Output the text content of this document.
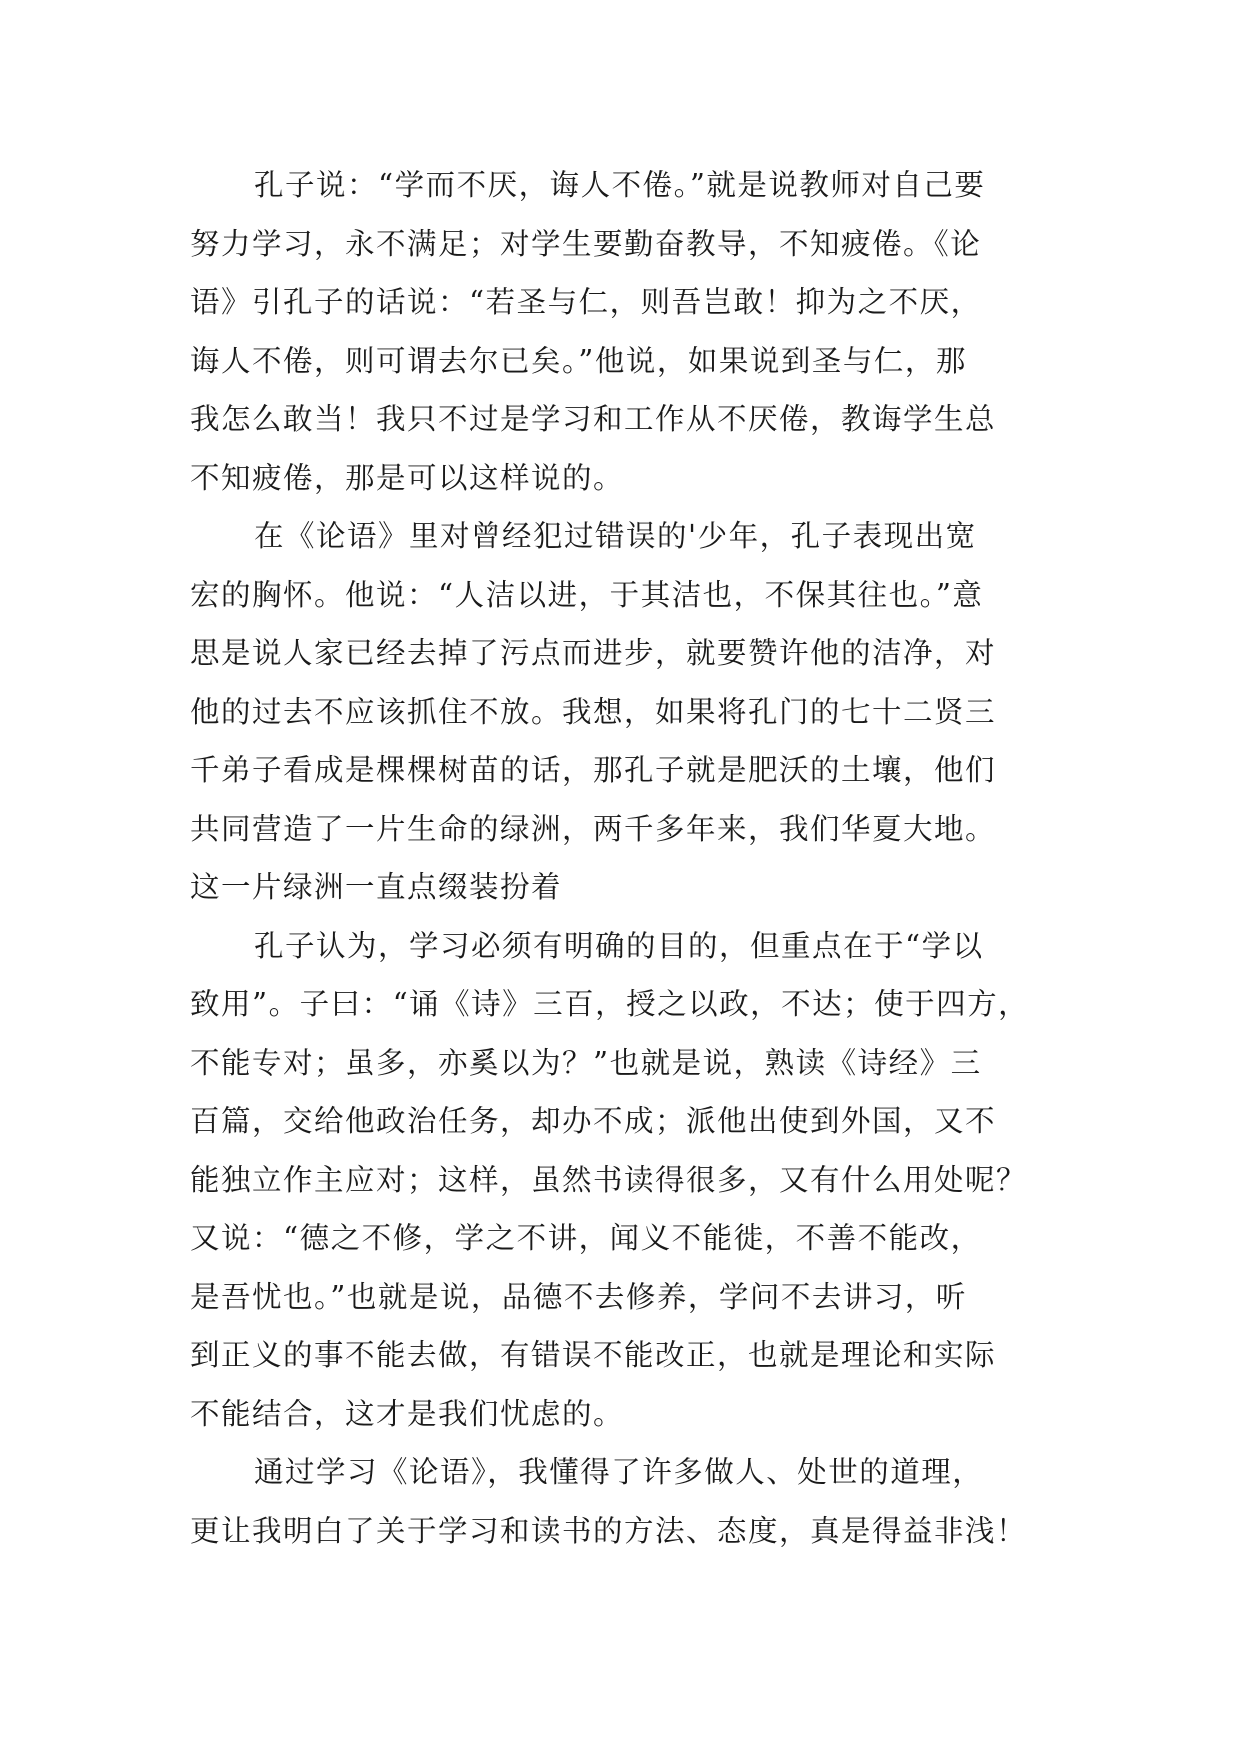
孔子说：“学而不厌，诲人不倦。”就是说教师对自己要
努力学习，永不满足；对学生要勤奋教导，不知疲倦。《论
语》引孔子的话说：“若圣与仁，则吾岂敢！抑为之不厌，
诲人不倦，则可谓去尔已矣。”他说，如果说到圣与仁，那
我怎么敢当！我只不过是学习和工作从不厌倦，教诲学生总
不知疲倦，那是可以这样说的。

在《论语》里对曾经犯过错误的'少年，孔子表现出宽
宏的胸怀。他说：“人洁以进，于其洁也，不保其往也。”意
思是说人家已经去掉了污点而进步，就要赞许他的洁净，对
他的过去不应该抓住不放。我想，如果将孔门的七十二贤三
千弟子看成是棵棵树苗的话，那孔子就是肥沃的土壤，他们
共同营造了一片生命的绿洲，两千多年来，我们华夏大地。
这一片绿洲一直点缀装扮着

孔子认为，学习必须有明确的目的，但重点在于“学以
致用”。子曰：“诵《诗》三百，授之以政，不达；使于四方，
不能专对；虽多，亦奚以为？”也就是说，熟读《诗经》三
百篇，交给他政治任务，却办不成；派他出使到外国，又不
能独立作主应对；这样，虽然书读得很多，又有什么用处呢？
又说：“德之不修，学之不讲，闻义不能徙，不善不能改，
是吾忧也。”也就是说，品德不去修养，学问不去讲习，听
到正义的事不能去做，有错误不能改正，也就是理论和实际
不能结合，这才是我们忧虑的。

通过学习《论语》，我懂得了许多做人、处世的道理，
更让我明白了关于学习和读书的方法、态度，真是得益非浅！
